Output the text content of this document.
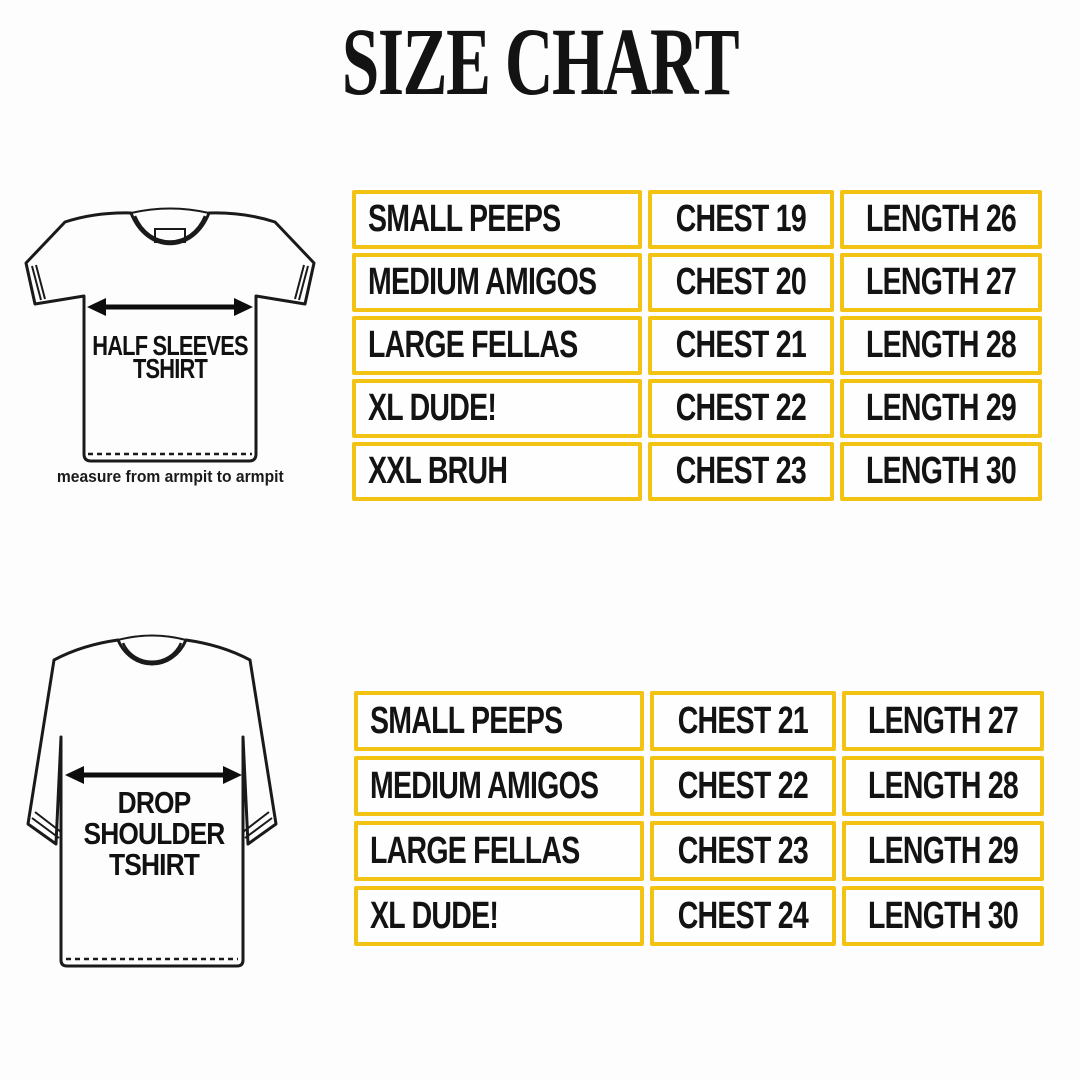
SIZE CHART
HALF SLEEVES
TSHIRT
measure from armpit to armpit
SMALL PEEPS	CHEST 19 LENGTH 26
MEDIUM AMIGOS CHEST 20 LENGTH 27
LARGE FELLAS	CHEST 21 LENGTH 28
XL DUDE!	CHEST 22 LENGTH 29
XXL BRUH	CHEST 23 LENGTH 30
DROP
SHOULDER
TSHIRT
SMALL PEEPS	CHEST 21 LENGTH 27
MEDIUM AMIGOS CHEST 22 LENGTH 28
LARGE FELLAS	CHEST 23 LENGTH 29
XL DUDE!	CHEST 24 LENGTH 30
